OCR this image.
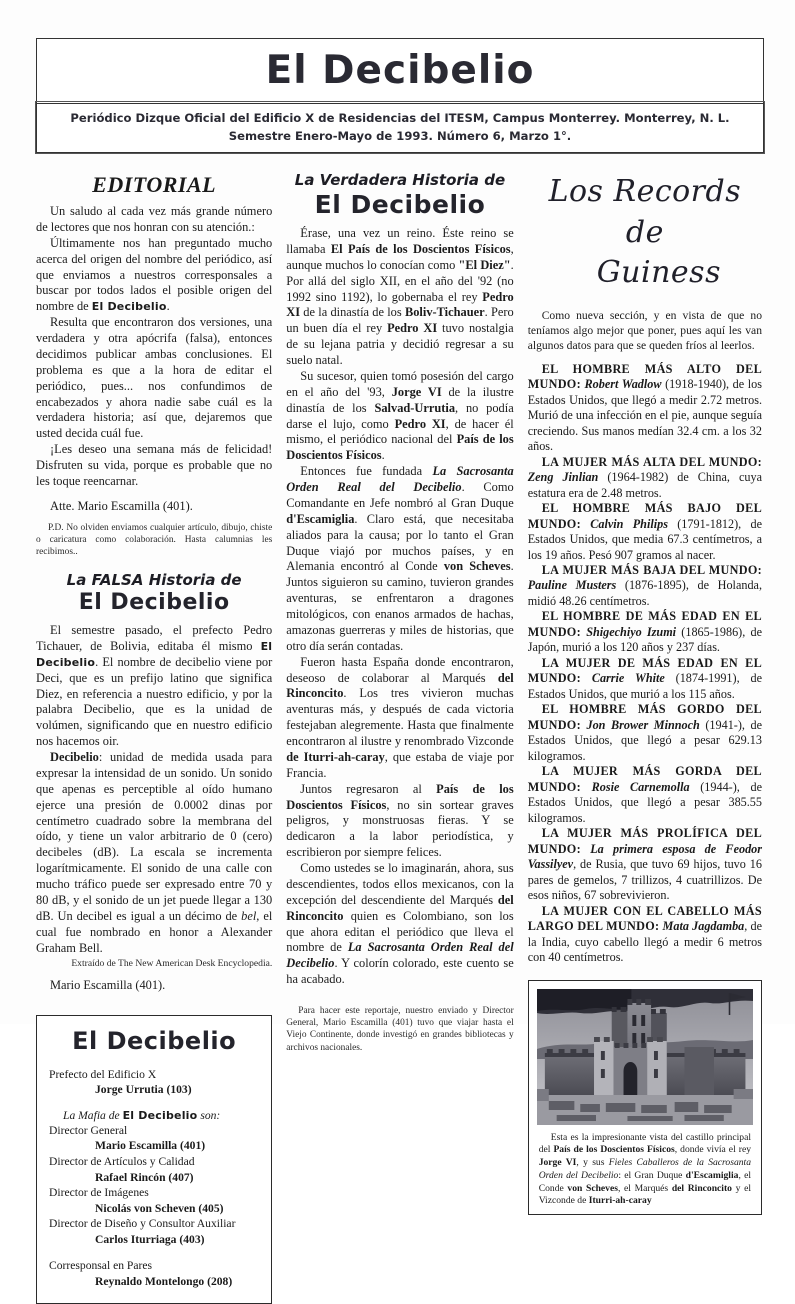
El Decibelio
Periódico Dizque Oficial del Edificio X de Residencias del ITESM, Campus Monterrey. Monterrey, N. L.
Semestre Enero-Mayo de 1993. Número 6, Marzo 1°.
EDITORIAL

Un saludo al cada vez más grande número de lectores que nos honran con su atención.:

Últimamente nos han preguntado mucho acerca del origen del nombre del periódico, así que enviamos a nuestros corresponsales a buscar por todos lados el posible origen del nombre de El Decibelio.

Resulta que encontraron dos versiones, una verdadera y otra apócrifa (falsa), entonces decidimos publicar ambas conclusiones. El problema es que a la hora de editar el periódico, pues... nos confundimos de encabezados y ahora nadie sabe cuál es la verdadera historia; así que, dejaremos que usted decida cuál fue.

¡Les deseo una semana más de felicidad! Disfruten su vida, porque es probable que no les toque reencarnar.

Atte. Mario Escamilla (401).

P.D. No olviden enviamos cualquier artículo, dibujo, chiste o caricatura como colaboración. Hasta calumnias les recibimos..

La FALSA Historia de
El Decibelio

El semestre pasado, el prefecto Pedro Tichauer, de Bolivia, editaba él mismo El Decibelio. El nombre de decibelio viene por Deci, que es un prefijo latino que significa Diez, en referencia a nuestro edificio, y por la palabra Decibelio, que es la unidad de volúmen, significando que en nuestro edificio nos hacemos oir.

Decibelio: unidad de medida usada para expresar la intensidad de un sonido. Un sonido que apenas es perceptible al oído humano ejerce una presión de 0.0002 dinas por centímetro cuadrado sobre la membrana del oído, y tiene un valor arbitrario de 0 (cero) decibeles (dB). La escala se incrementa logarítmicamente. El sonido de una calle con mucho tráfico puede ser expresado entre 70 y 80 dB, y el sonido de un jet puede llegar a 130 dB. Un decibel es igual a un décimo de bel, el cual fue nombrado en honor a Alexander Graham Bell.

Extraído de The New American Desk Encyclopedia.

Mario Escamilla (401).

El Decibelio

Prefecto del Edificio X

Jorge Urrutia (103)

La Mafia de El Decibelio son:

Director General

Mario Escamilla (401)

Director de Artículos y Calidad

Rafael Rincón (407)

Director de Imágenes

Nicolás von Scheven (405)

Director de Diseño y Consultor Auxiliar

Carlos Iturriaga (403)

Corresponsal en Pares

Reynaldo Montelongo (208)

La Verdadera Historia de
El Decibelio

Érase, una vez un reino. Éste reino se llamaba El País de los Doscientos Físicos, aunque muchos lo conocían como "El Diez". Por allá del siglo XII, en el año del '92 (no 1992 sino 1192), lo gobernaba el rey Pedro XI de la dinastía de los Boliv-Tichauer. Pero un buen día el rey Pedro XI tuvo nostalgia de su lejana patria y decidió regresar a su suelo natal.

Su sucesor, quien tomó posesión del cargo en el año del '93, Jorge VI de la ilustre dinastía de los Salvad-Urrutia, no podía darse el lujo, como Pedro XI, de hacer él mismo, el periódico nacional del País de los Doscientos Físicos.

Entonces fue fundada La Sacrosanta Orden Real del Decibelio. Como Comandante en Jefe nombró al Gran Duque d'Escamiglia. Claro está, que necesitaba aliados para la causa; por lo tanto el Gran Duque viajó por muchos países, y en Alemania encontró al Conde von Scheves. Juntos siguieron su camino, tuvieron grandes aventuras, se enfrentaron a dragones mitológicos, con enanos armados de hachas, amazonas guerreras y miles de historias, que otro día serán contadas.

Fueron hasta España donde encontraron, deseoso de colaborar al Marqués del Rinconcito. Los tres vivieron muchas aventuras más, y después de cada victoria festejaban alegremente. Hasta que finalmente encontraron al ilustre y renombrado Vizconde de Iturri-ah-caray, que estaba de viaje por Francia.

Juntos regresaron al País de los Doscientos Físicos, no sin sortear graves peligros, y monstruosas fieras. Y se dedicaron a la labor periodística, y escribieron por siempre felices.

Como ustedes se lo imaginarán, ahora, sus descendientes, todos ellos mexicanos, con la excepción del descendiente del Marqués del Rinconcito quien es Colombiano, son los que ahora editan el periódico que lleva el nombre de La Sacrosanta Orden Real del Decibelio. Y colorín colorado, este cuento se ha acabado.

Para hacer este reportaje, nuestro enviado y Director General, Mario Escamilla (401) tuvo que viajar hasta el Viejo Continente, donde investigó en grandes bibliotecas y archivos nacionales.

Los Records de
Guiness

Como nueva sección, y en vista de que no teníamos algo mejor que poner, pues aquí les van algunos datos para que se queden fríos al leerlos.

EL HOMBRE MÁS ALTO DEL MUNDO: Robert Wadlow (1918-1940), de los Estados Unidos, que llegó a medir 2.72 metros. Murió de una infección en el pie, aunque seguía creciendo. Sus manos medían 32.4 cm. a los 32 años.

LA MUJER MÁS ALTA DEL MUNDO: Zeng Jinlian (1964-1982) de China, cuya estatura era de 2.48 metros.

EL HOMBRE MÁS BAJO DEL MUNDO: Calvin Philips (1791-1812), de Estados Unidos, que media 67.3 centímetros, a los 19 años. Pesó 907 gramos al nacer.

LA MUJER MÁS BAJA DEL MUNDO: Pauline Musters (1876-1895), de Holanda, midió 48.26 centímetros.

EL HOMBRE DE MÁS EDAD EN EL MUNDO: Shigechiyo Izumi (1865-1986), de Japón, murió a los 120 años y 237 días.

LA MUJER DE MÁS EDAD EN EL MUNDO: Carrie White (1874-1991), de Estados Unidos, que murió a los 115 años.

EL HOMBRE MÁS GORDO DEL MUNDO: Jon Brower Minnoch (1941-), de Estados Unidos, que llegó a pesar 629.13 kilogramos.

LA MUJER MÁS GORDA DEL MUNDO: Rosie Carnemolla (1944-), de Estados Unidos, que llegó a pesar 385.55 kilogramos.

LA MUJER MÁS PROLÍFICA DEL MUNDO: La primera esposa de Feodor Vassilyev, de Rusia, que tuvo 69 hijos, tuvo 16 pares de gemelos, 7 trillizos, 4 cuatrillizos. De esos niños, 67 sobrevivieron.

LA MUJER CON EL CABELLO MÁS LARGO DEL MUNDO: Mata Jagdamba, de la India, cuyo cabello llegó a medir 6 metros con 40 centímetros.

Esta es la impresionante vista del castillo principal del País de los Doscientos Físicos, donde vivía el rey Jorge VI, y sus Fieles Caballeros de la Sacrosanta Orden del Decibelio: el Gran Duque d'Escamiglia, el Conde von Scheves, el Marqués del Rinconcito y el Vizconde de Iturri-ah-caray
